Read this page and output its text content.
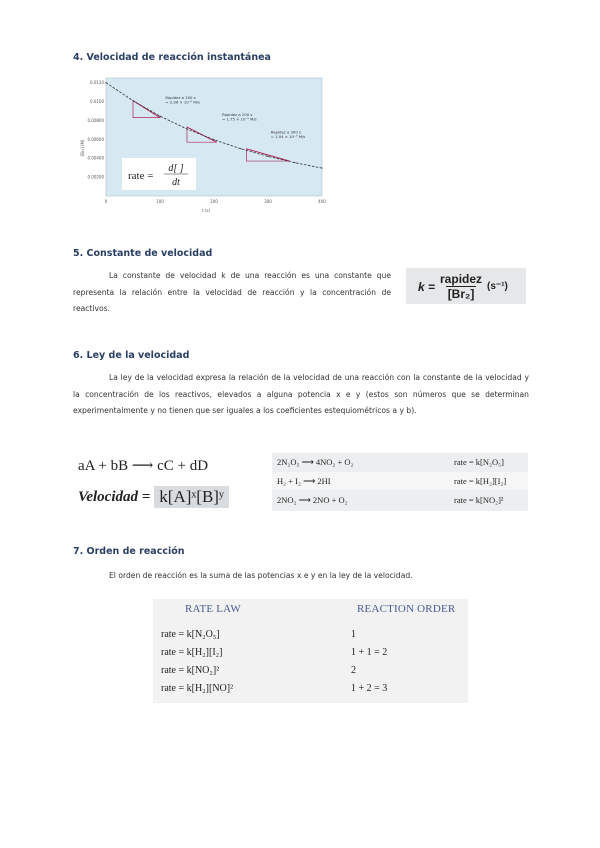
4. Velocidad de reacción instantánea
0.0120
0.0100
0.00800
0.00600
0.00400
0.00200
0	100	200	300	400
Rapidez a 100 s = 2.96 × 10⁻⁵ M/s
Rapidez a 200 s = 1.75 × 10⁻⁵ M/s
Rapidez a 300 s = 1.04 × 10⁻⁵ M/s
[Br₂] (M)
t (s)
rate =
d[ ]
dt
5. Constante de velocidad
La constante de velocidad k de una reacción es una constante que representa la relación entre la velocidad de reacción y la concentración de reactivos.
$k = \frac{\text{rapidez}}{\text{[Br₂]}} (s^{-1})$
6. Ley de la velocidad
La ley de la velocidad expresa la relación de la velocidad de una reacción con la constante de la velocidad y la concentración de los reactivos, elevados a alguna potencia x e y (estos son números que se determinan experimentalmente y no tienen que ser iguales a los coeficientes estequiométricos a y b).
aA + bB ⟶ cC + dD
Velocidad = k[A]ˣ[B]ʸ
2N₂O₅ ⟶ 4NO₂ + O₂	rate = k[N₂O₅]
H₂ + I₂ ⟶ 2HI	rate = k[H₂][I₂]
2NO₂ ⟶ 2NO + O₂	rate = k[NO₂]²
7. Orden de reacción
El orden de reacción es la suma de las potencias x e y en la ley de la velocidad.
RATE LAW	REACTION ORDER
rate = k[N₂O₅]	1
rate = k[H₂][I₂]	1 + 1 = 2
rate = k[NO₂]²	2
rate = k[H₂][NO]²	1 + 2 = 3
